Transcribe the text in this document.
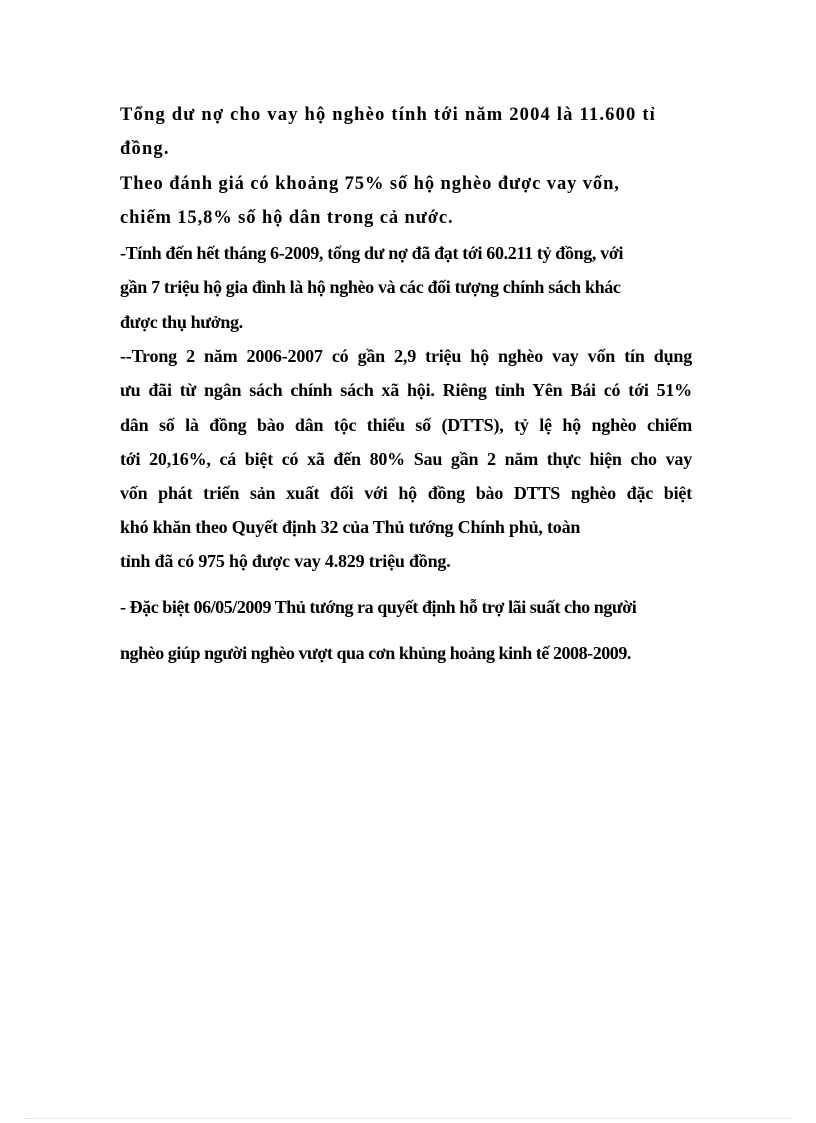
Tổng dư nợ cho vay hộ nghèo tính tới năm 2004 là 11.600 tỉ
đồng.
Theo đánh giá có khoảng 75% số hộ nghèo được vay vốn,
chiếm 15,8% số hộ dân trong cả nước.
-Tính đến hết tháng 6-2009, tổng dư nợ đã đạt tới 60.211 tỷ đồng, với
gần 7 triệu hộ gia đình là hộ nghèo và các đối tượng chính sách khác
được thụ hưởng.
--Trong 2 năm 2006-2007 có gần 2,9 triệu hộ nghèo vay vốn tín dụng
ưu đãi từ ngân sách chính sách xã hội. Riêng tỉnh Yên Bái có tới 51%
dân số là đồng bào dân tộc thiểu số (DTTS), tỷ lệ hộ nghèo chiếm
tới 20,16%, cá biệt có xã đến 80% Sau gần 2 năm thực hiện cho vay
vốn phát triển sản xuất đối với hộ đồng bào DTTS nghèo đặc biệt
khó khăn theo Quyết định 32 của Thủ tướng Chính phủ, toàn
tỉnh đã có 975 hộ được vay 4.829 triệu đồng.
- Đặc biệt 06/05/2009 Thủ tướng ra quyết định hỗ trợ lãi suất cho người
nghèo giúp người nghèo vượt qua cơn khủng hoảng kinh tế 2008-2009.
